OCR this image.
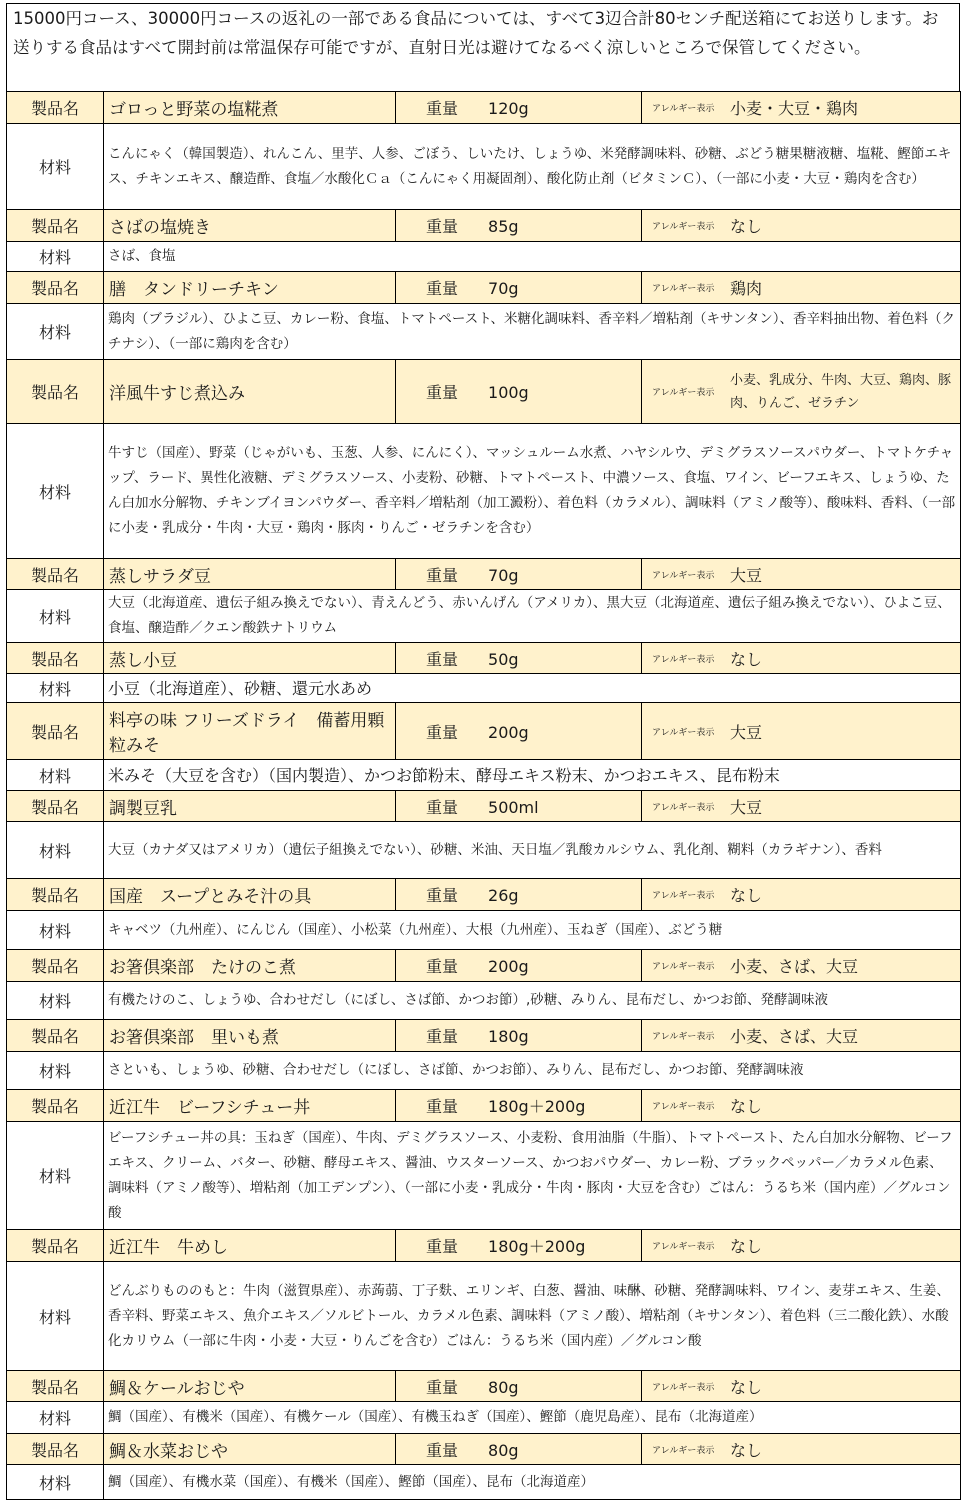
15000円コース、30000円コースの返礼の一部である食品については、すべて3辺合計80センチ配送箱にてお送りします。お送りする食品はすべて開封前は常温保存可能ですが、直射日光は避けてなるべく涼しいところで保管してください。
製品名	ゴロっと野菜の塩糀煮	重量 120g	アレルギー表示 小麦・大豆・鶏肉
材料	こんにゃく（韓国製造）、れんこん、里芋、人参、ごぼう、しいたけ、しょうゆ、米発酵調味料、砂糖、ぶどう糖果糖液糖、塩糀、鰹節エキス、チキンエキス、醸造酢、食塩／水酸化Ｃａ（こんにゃく用凝固剤）、酸化防止剤（ビタミンＣ）、（一部に小麦・大豆・鶏肉を含む）		
製品名	さばの塩焼き	重量 85g	アレルギー表示 なし
材料	さば、食塩		
製品名	膳　タンドリーチキン	重量 70g	アレルギー表示 鶏肉
材料	鶏肉（ブラジル）、ひよこ豆、カレー粉、食塩、トマトペースト、米糖化調味料、香辛料／増粘剤（キサンタン）、香辛料抽出物、着色料（クチナシ）、（一部に鶏肉を含む）		
製品名	洋風牛すじ煮込み	重量 100g	アレルギー表示小麦、乳成分、牛肉、大豆、鶏肉、豚肉、りんご、ゼラチン
材料	牛すじ（国産）、野菜（じゃがいも、玉葱、人参、にんにく）、マッシュルーム水煮、ハヤシルウ、デミグラスソースパウダー、トマトケチャップ、ラード、異性化液糖、デミグラスソース、小麦粉、砂糖、トマトペースト、中濃ソース、食塩、ワイン、ビーフエキス、しょうゆ、たん白加水分解物、チキンブイヨンパウダー、香辛料／増粘剤（加工澱粉）、着色料（カラメル）、調味料（アミノ酸等）、酸味料、香料、（一部に小麦・乳成分・牛肉・大豆・鶏肉・豚肉・りんご・ゼラチンを含む）		
製品名	蒸しサラダ豆	重量 70g	アレルギー表示 大豆
材料	大豆（北海道産、遺伝子組み換えでない）、青えんどう、赤いんげん（アメリカ）、黒大豆（北海道産、遺伝子組み換えでない）、ひよこ豆、食塩、醸造酢／クエン酸鉄ナトリウム		
製品名	蒸し小豆	重量 50g	アレルギー表示 なし
材料	小豆（北海道産）、砂糖、還元水あめ		
製品名	料亭の味 フリーズドライ　備蓄用顆粒みそ	重量 200g	アレルギー表示 大豆
材料	米みそ（大豆を含む）（国内製造）、かつお節粉末、酵母エキス粉末、かつおエキス、昆布粉末		
製品名	調製豆乳	重量 500ml	アレルギー表示 大豆
材料	大豆（カナダ又はアメリカ）（遺伝子組換えでない）、砂糖、米油、天日塩／乳酸カルシウム、乳化剤、糊料（カラギナン）、香料		
製品名	国産　スープとみそ汁の具	重量 26g	アレルギー表示 なし
材料	キャベツ（九州産）、にんじん（国産）、小松菜（九州産）、大根（九州産）、玉ねぎ（国産）、ぶどう糖		
製品名	お箸倶楽部　たけのこ煮	重量 200g	アレルギー表示 小麦、さば、大豆
材料	有機たけのこ、しょうゆ、合わせだし（にぼし、さば節、かつお節）,砂糖、みりん、昆布だし、かつお節、発酵調味液		
製品名	お箸倶楽部　里いも煮	重量 180g	アレルギー表示 小麦、さば、大豆
材料	さといも、しょうゆ、砂糖、合わせだし（にぼし、さば節、かつお節）、みりん、昆布だし、かつお節、発酵調味液		
製品名	近江牛　ビーフシチュー丼	重量 180g＋200g	アレルギー表示 なし
材料	ビーフシチュー丼の具：玉ねぎ（国産）、牛肉、デミグラスソース、小麦粉、食用油脂（牛脂）、トマトペースト、たん白加水分解物、ビーフエキス、クリーム、バター、砂糖、酵母エキス、醤油、ウスターソース、かつおパウダー、カレー粉、ブラックペッパー／カラメル色素、調味料（アミノ酸等）、増粘剤（加工デンプン）、（一部に小麦・乳成分・牛肉・豚肉・大豆を含む）ごはん：うるち米（国内産）／グルコン酸		
製品名	近江牛　牛めし	重量 180g＋200g	アレルギー表示 なし
材料	どんぶりもののもと：牛肉（滋賀県産）、赤蒟蒻、丁子麩、エリンギ、白葱、醤油、味醂、砂糖、発酵調味料、ワイン、麦芽エキス、生姜、香辛料、野菜エキス、魚介エキス／ソルビトール、カラメル色素、調味料（アミノ酸）、増粘剤（キサンタン）、着色料（三二酸化鉄）、水酸化カリウム（一部に牛肉・小麦・大豆・りんごを含む）ごはん：うるち米（国内産）／グルコン酸		
製品名	鯛＆ケールおじや	重量 80g	アレルギー表示 なし
材料	鯛（国産）、有機米（国産）、有機ケール（国産）、有機玉ねぎ（国産）、鰹節（鹿児島産）、昆布（北海道産）		
製品名	鯛＆水菜おじや	重量 80g	アレルギー表示 なし
材料	鯛（国産）、有機水菜（国産）、有機米（国産）、鰹節（国産）、昆布（北海道産）		
